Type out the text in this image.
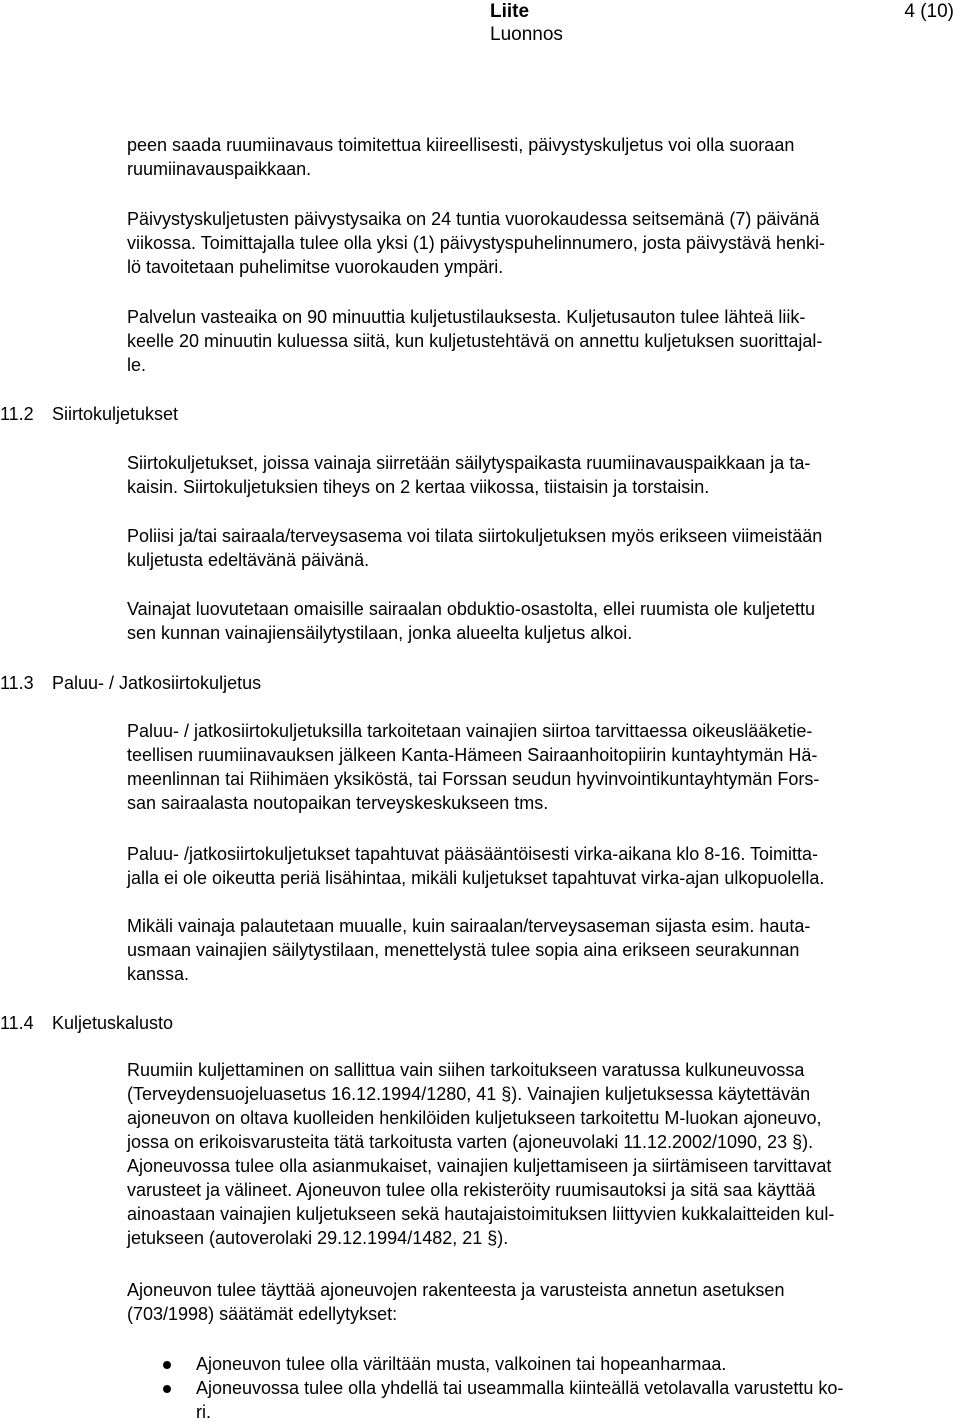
Liite	4 (10)
Luonnos
peen saada ruumiinavaus toimitettua kiireellisesti, päivystyskuljetus voi olla suoraan
ruumiinavauspaikkaan.
Päivystyskuljetusten päivystysaika on 24 tuntia vuorokaudessa seitsemänä (7) päivänä
viikossa. Toimittajalla tulee olla yksi (1) päivystyspuhelinnumero, josta päivystävä henki-
lö tavoitetaan puhelimitse vuorokauden ympäri.
Palvelun vasteaika on 90 minuuttia kuljetustilauksesta. Kuljetusauton tulee lähteä liik-
keelle 20 minuutin kuluessa siitä, kun kuljetustehtävä on annettu kuljetuksen suorittajal-
le.
11.2 Siirtokuljetukset
Siirtokuljetukset, joissa vainaja siirretään säilytyspaikasta ruumiinavauspaikkaan ja ta-
kaisin. Siirtokuljetuksien tiheys on 2 kertaa viikossa, tiistaisin ja torstaisin.
Poliisi ja/tai sairaala/terveysasema voi tilata siirtokuljetuksen myös erikseen viimeistään
kuljetusta edeltävänä päivänä.
Vainajat luovutetaan omaisille sairaalan obduktio-osastolta, ellei ruumista ole kuljetettu
sen kunnan vainajiensäilytystilaan, jonka alueelta kuljetus alkoi.
11.3 Paluu- / Jatkosiirtokuljetus
Paluu- / jatkosiirtokuljetuksilla tarkoitetaan vainajien siirtoa tarvittaessa oikeuslääketie-
teellisen ruumiinavauksen jälkeen Kanta-Hämeen Sairaanhoitopiirin kuntayhtymän Hä-
meenlinnan tai Riihimäen yksiköstä, tai Forssan seudun hyvinvointikuntayhtymän Fors-
san sairaalasta noutopaikan terveyskeskukseen tms.
Paluu- /jatkosiirtokuljetukset tapahtuvat pääsääntöisesti virka-aikana klo 8-16. Toimitta-
jalla ei ole oikeutta periä lisähintaa, mikäli kuljetukset tapahtuvat virka-ajan ulkopuolella.
Mikäli vainaja palautetaan muualle, kuin sairaalan/terveysaseman sijasta esim. hauta-
usmaan vainajien säilytystilaan, menettelystä tulee sopia aina erikseen seurakunnan
kanssa.
11.4 Kuljetuskalusto
Ruumiin kuljettaminen on sallittua vain siihen tarkoitukseen varatussa kulkuneuvossa
(Terveydensuojeluasetus 16.12.1994/1280, 41 §). Vainajien kuljetuksessa käytettävän
ajoneuvon on oltava kuolleiden henkilöiden kuljetukseen tarkoitettu M-luokan ajoneuvo,
jossa on erikoisvarusteita tätä tarkoitusta varten (ajoneuvolaki 11.12.2002/1090, 23 §).
Ajoneuvossa tulee olla asianmukaiset, vainajien kuljettamiseen ja siirtämiseen tarvittavat
varusteet ja välineet. Ajoneuvon tulee olla rekisteröity ruumisautoksi ja sitä saa käyttää
ainoastaan vainajien kuljetukseen sekä hautajaistoimituksen liittyvien kukkalaitteiden kul-
jetukseen (autoverolaki 29.12.1994/1482, 21 §).
Ajoneuvon tulee täyttää ajoneuvojen rakenteesta ja varusteista annetun asetuksen
(703/1998) säätämät edellytykset:
Ajoneuvon tulee olla väriltään musta, valkoinen tai hopeanharmaa.
Ajoneuvossa tulee olla yhdellä tai useammalla kiinteällä vetolavalla varustettu ko-
ri.
